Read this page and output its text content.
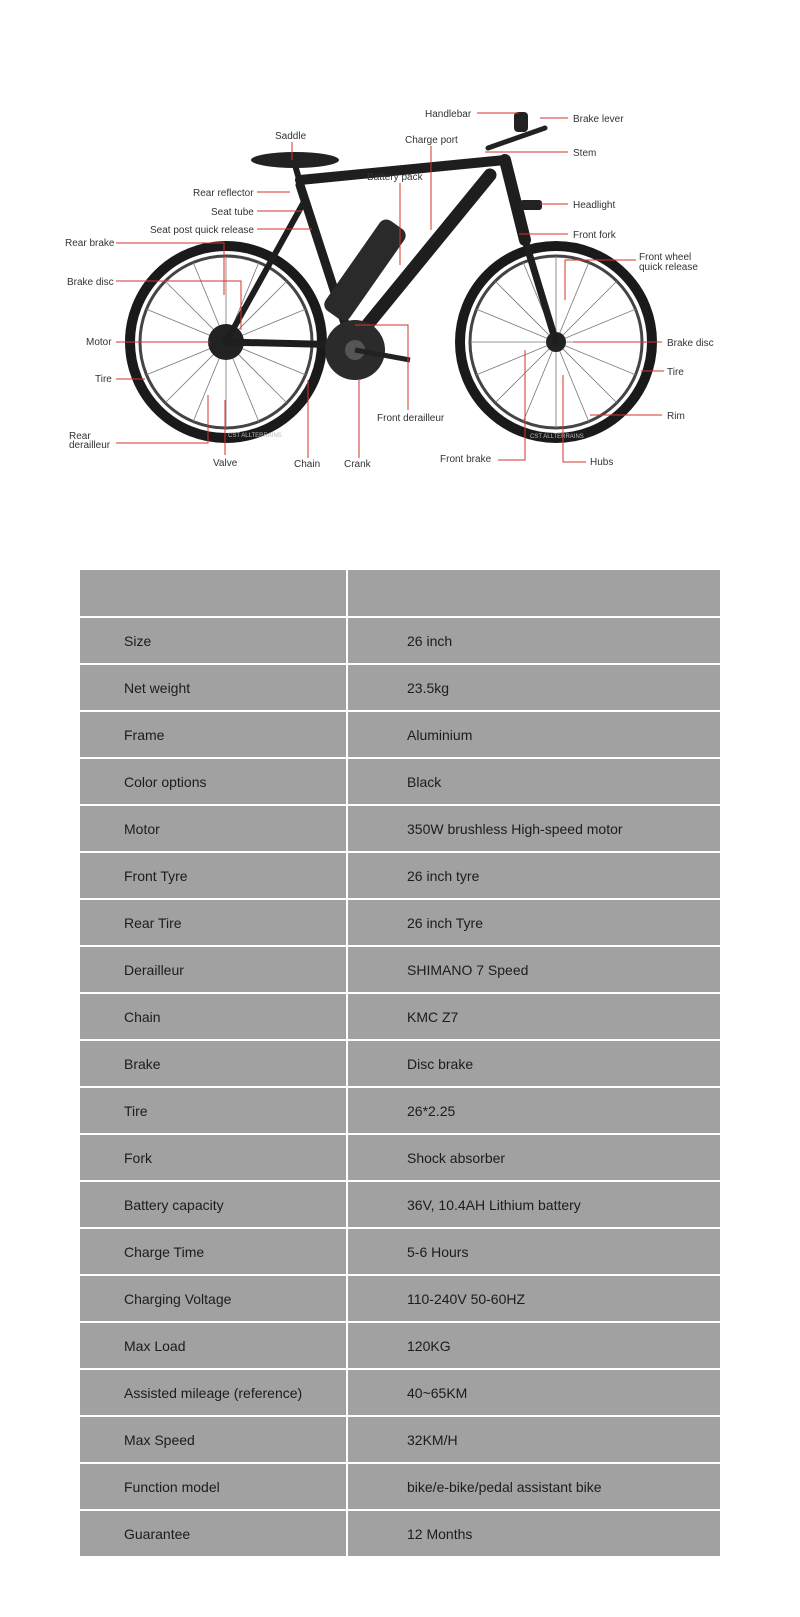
CST ALLTERRAINS	CST ALLTERRAINS
Handlebar	Brake lever
Saddle	Charge port
Stem
Battery pack
Rear reflector
Seat tube
Headlight
Seat post quick release	Front fork
Rear brake
Front wheel
quick release
Brake disc
Motor	Brake disc
Tire
Tire
Rim
Front derailleur
Rear
derailleur
Valve	Chain Crank	Front brake	Hubs
Size	26 inch
Net weight	23.5kg
Frame	Aluminium
Color options	Black
Motor	350W brushless High-speed motor
Front Tyre	26 inch tyre
Rear Tire	26 inch Tyre
Derailleur	SHIMANO 7 Speed
Chain	KMC Z7
Brake	Disc brake
Tire	26*2.25
Fork	Shock absorber
Battery capacity	36V, 10.4AH Lithium battery
Charge Time	5-6 Hours
Charging Voltage	110-240V 50-60HZ
Max Load	120KG
Assisted mileage (reference)	40~65KM
Max Speed	32KM/H
Function model	bike/e-bike/pedal assistant bike
Guarantee	12 Months
